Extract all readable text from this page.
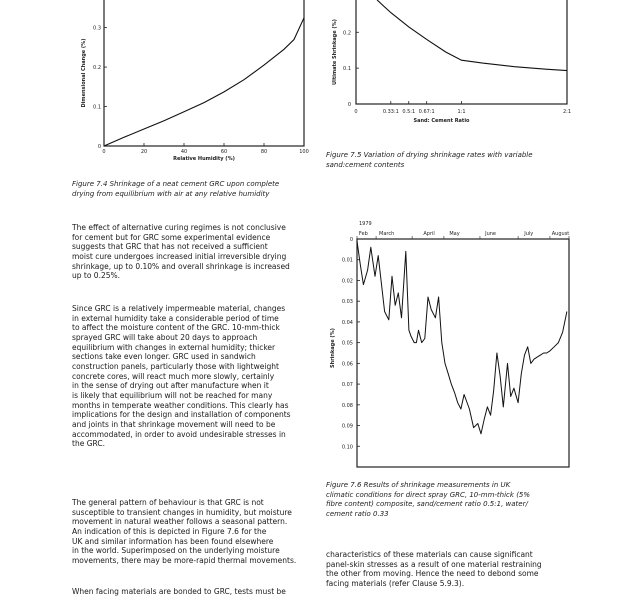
0	20	40	60	80	100
0
0.1
0.2
0.3
Relative Humidity (%)
Dimensional Change (%)
Figure 7.4 Shrinkage of a neat cement GRC upon complete
drying from equilibrium with air at any relative humidity
0	0.33:1 0.5:1 0.67:1	1:1	2:1
0
0.1
0.2
Sand: Cement Ratio
Ultimate Shrinkage (%)
Figure 7.5 Variation of drying shrinkage rates with variable
sand:cement contents
1979
Feb March	April	May	June	July	August
0
0.01
0.02
0.03
0.04
0.05
0.06
0.07
0.08
0.09
0.10
Shrinkage (%)
Figure 7.6 Results of shrinkage measurements in UK
climatic conditions for direct spray GRC, 10-mm-thick (5%
fibre content) composite, sand/cement ratio 0.5:1, water/
cement ratio 0.33
The effect of alternative curing regimes is not conclusive
for cement but for GRC some experimental evidence
suggests that GRC that has not received a sufficient
moist cure undergoes increased initial irreversible drying
shrinkage, up to 0.10% and overall shrinkage is increased
up to 0.25%.
Since GRC is a relatively impermeable material, changes
in external humidity take a considerable period of time
to affect the moisture content of the GRC. 10-mm-thick
sprayed GRC will take about 20 days to approach
equilibrium with changes in external humidity; thicker
sections take even longer. GRC used in sandwich
construction panels, particularly those with lightweight
concrete cores, will react much more slowly, certainly
in the sense of drying out after manufacture when it
is likely that equilibrium will not be reached for many
months in temperate weather conditions. This clearly has
implications for the design and installation of components
and joints in that shrinkage movement will need to be
accommodated, in order to avoid undesirable stresses in
the GRC.
The general pattern of behaviour is that GRC is not
susceptible to transient changes in humidity, but moisture
movement in natural weather follows a seasonal pattern.
An indication of this is depicted in Figure 7.6 for the
UK and similar information has been found elsewhere
in the world. Superimposed on the underlying moisture
movements, there may be more-rapid thermal movements.
When facing materials are bonded to GRC, tests must be
characteristics of these materials can cause significant
panel-skin stresses as a result of one material restraining
the other from moving. Hence the need to debond some
facing materials (refer Clause 5.9.3).
